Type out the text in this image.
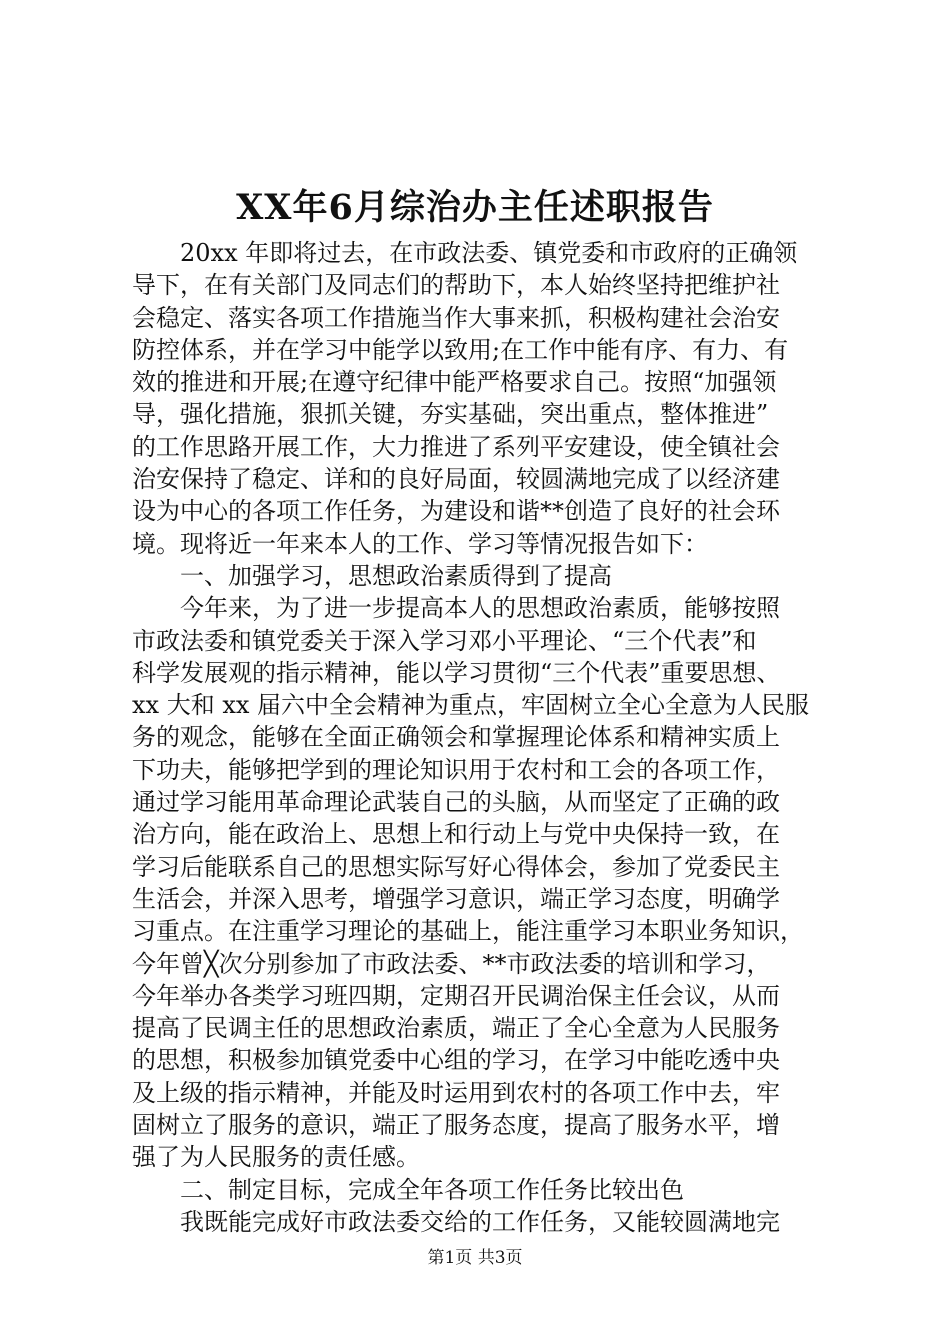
XX年6月综治办主任述职报告
　　20xx 年即将过去，在市政法委、镇党委和市政府的正确领
导下，在有关部门及同志们的帮助下，本人始终坚持把维护社
会稳定、落实各项工作措施当作大事来抓，积极构建社会治安
防控体系，并在学习中能学以致用;在工作中能有序、有力、有
效的推进和开展;在遵守纪律中能严格要求自己。按照“加强领
导，强化措施，狠抓关键，夯实基础，突出重点，整体推进”
的工作思路开展工作，大力推进了系列平安建设，使全镇社会
治安保持了稳定、详和的良好局面，较圆满地完成了以经济建
设为中心的各项工作任务，为建设和谐**创造了良好的社会环
境。现将近一年来本人的工作、学习等情况报告如下：
　　一、加强学习，思想政治素质得到了提高
　　今年来，为了进一步提高本人的思想政治素质，能够按照
市政法委和镇党委关于深入学习邓小平理论、“三个代表”和
科学发展观的指示精神，能以学习贯彻“三个代表”重要思想、
xx 大和 xx 届六中全会精神为重点，牢固树立全心全意为人民服
务的观念，能够在全面正确领会和掌握理论体系和精神实质上
下功夫，能够把学到的理论知识用于农村和工会的各项工作，
通过学习能用革命理论武装自己的头脑，从而坚定了正确的政
治方向，能在政治上、思想上和行动上与党中央保持一致，在
学习后能联系自己的思想实际写好心得体会，参加了党委民主
生活会，并深入思考，增强学习意识，端正学习态度，明确学
习重点。在注重学习理论的基础上，能注重学习本职业务知识，
今年曾╳次分别参加了市政法委、**市政法委的培训和学习，
今年举办各类学习班四期，定期召开民调治保主任会议，从而
提高了民调主任的思想政治素质，端正了全心全意为人民服务
的思想，积极参加镇党委中心组的学习，在学习中能吃透中央
及上级的指示精神，并能及时运用到农村的各项工作中去，牢
固树立了服务的意识，端正了服务态度，提高了服务水平，增
强了为人民服务的责任感。
　　二、制定目标，完成全年各项工作任务比较出色
　　我既能完成好市政法委交给的工作任务，又能较圆满地完
第1页 共3页
